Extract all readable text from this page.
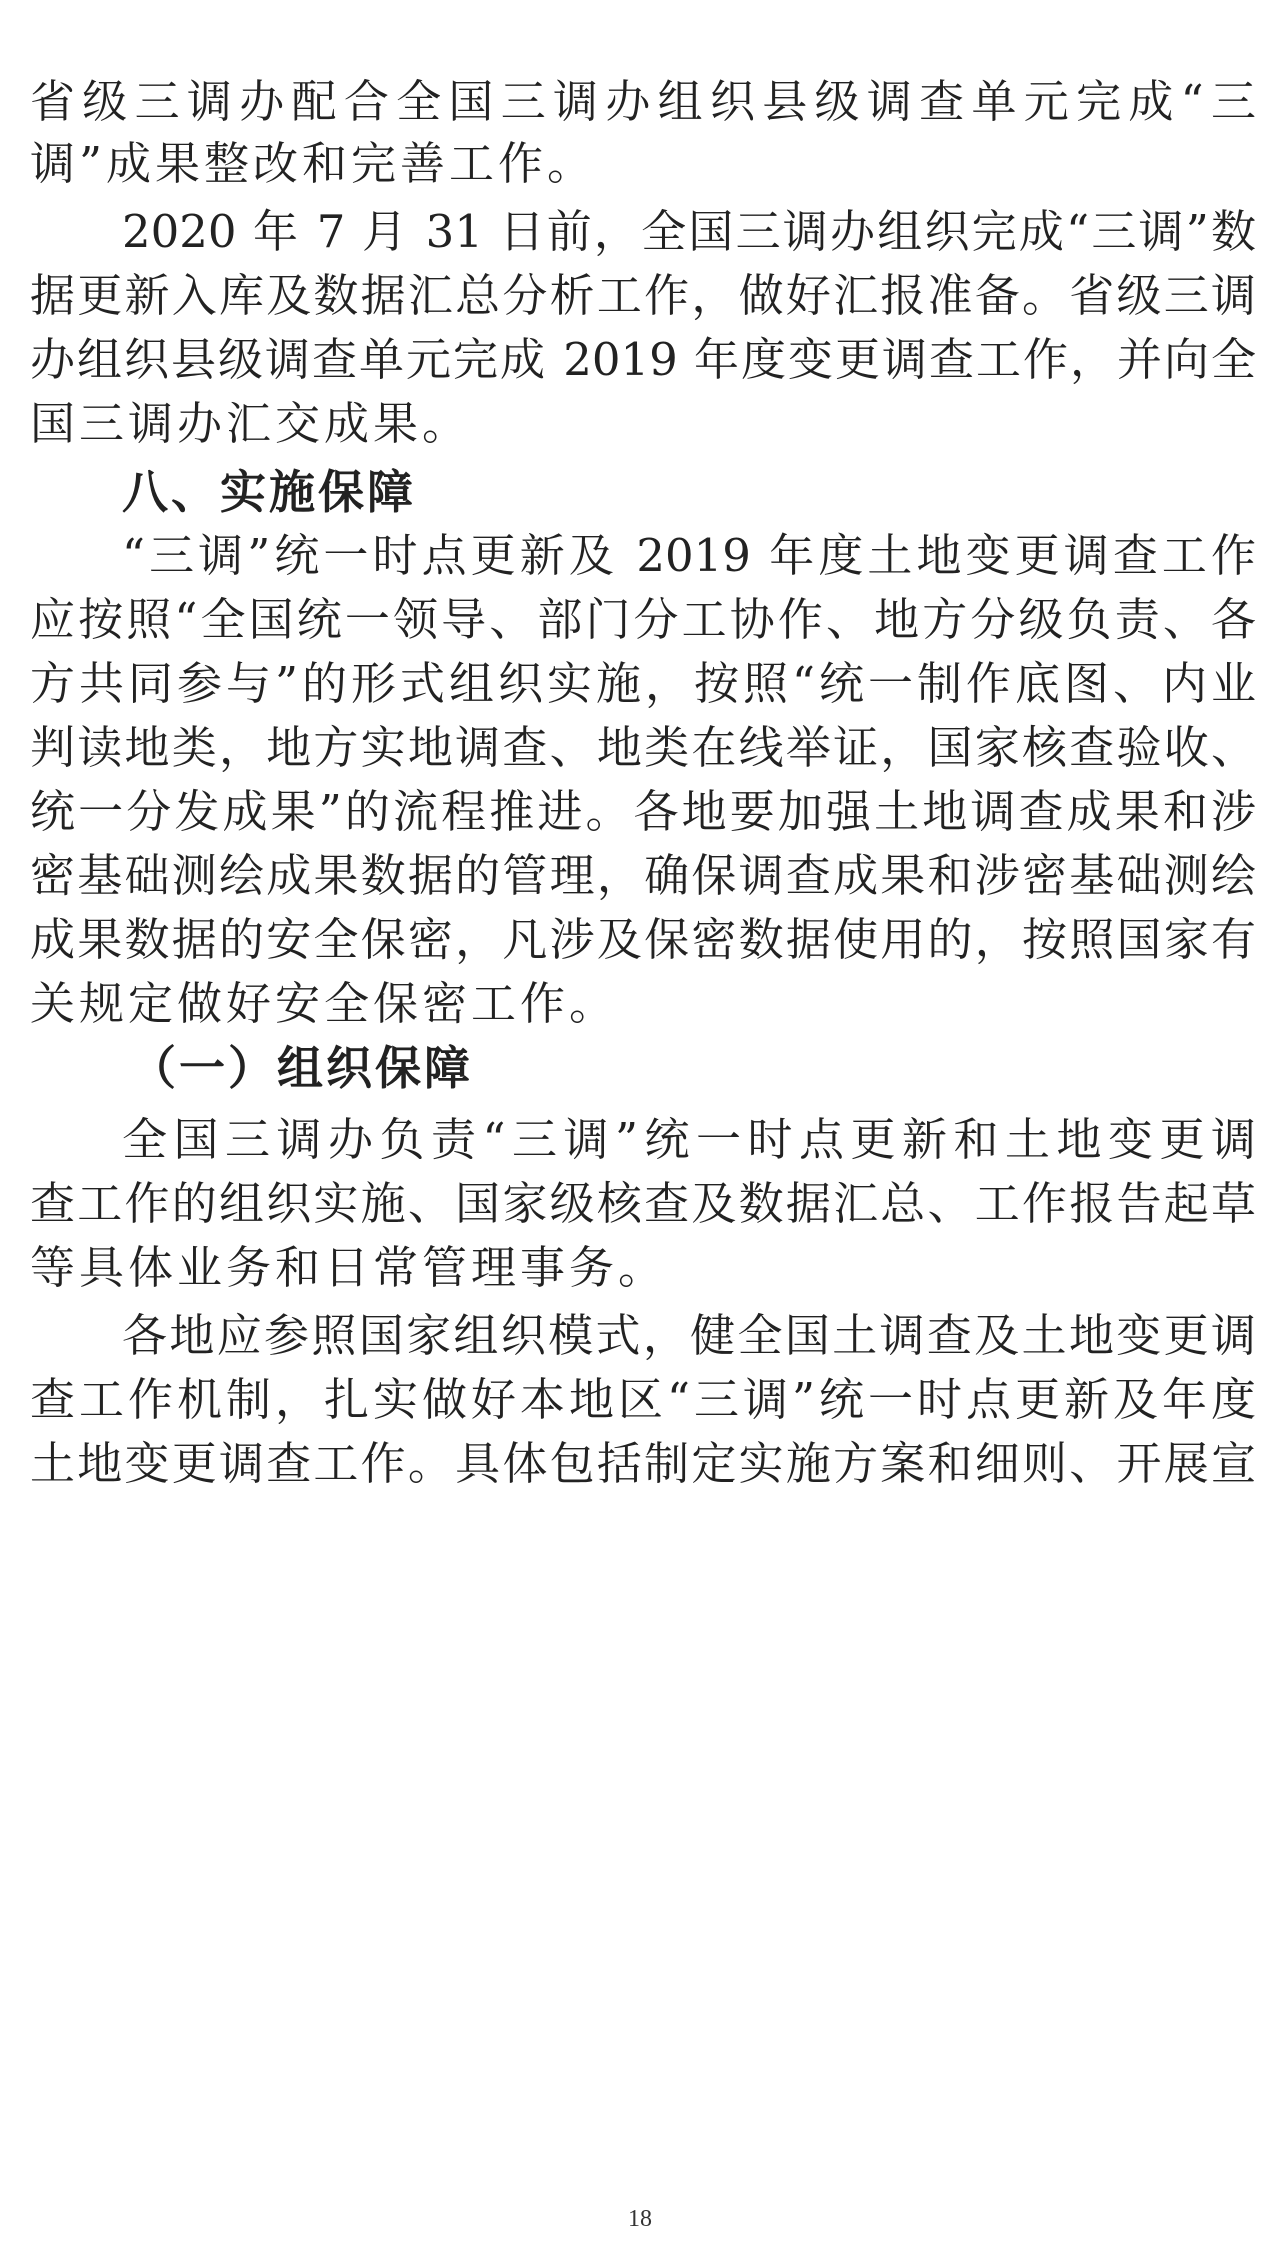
省级三调办配合全国三调办组织县级调查单元完成“三
调”成果整改和完善工作。
2020 年 7 月 31 日前，全国三调办组织完成“三调”数
据更新入库及数据汇总分析工作，做好汇报准备。省级三调
办组织县级调查单元完成 2019 年度变更调查工作，并向全
国三调办汇交成果。
八、实施保障
“三调”统一时点更新及 2019 年度土地变更调查工作
应按照“全国统一领导、部门分工协作、地方分级负责、各
方共同参与”的形式组织实施，按照“统一制作底图、内业
判读地类，地方实地调查、地类在线举证，国家核查验收、
统一分发成果”的流程推进。各地要加强土地调查成果和涉
密基础测绘成果数据的管理，确保调查成果和涉密基础测绘
成果数据的安全保密，凡涉及保密数据使用的，按照国家有
关规定做好安全保密工作。
（一）组织保障
全国三调办负责“三调”统一时点更新和土地变更调
查工作的组织实施、国家级核查及数据汇总、工作报告起草
等具体业务和日常管理事务。
各地应参照国家组织模式，健全国土调查及土地变更调
查工作机制，扎实做好本地区“三调”统一时点更新及年度
土地变更调查工作。具体包括制定实施方案和细则、开展宣
18
